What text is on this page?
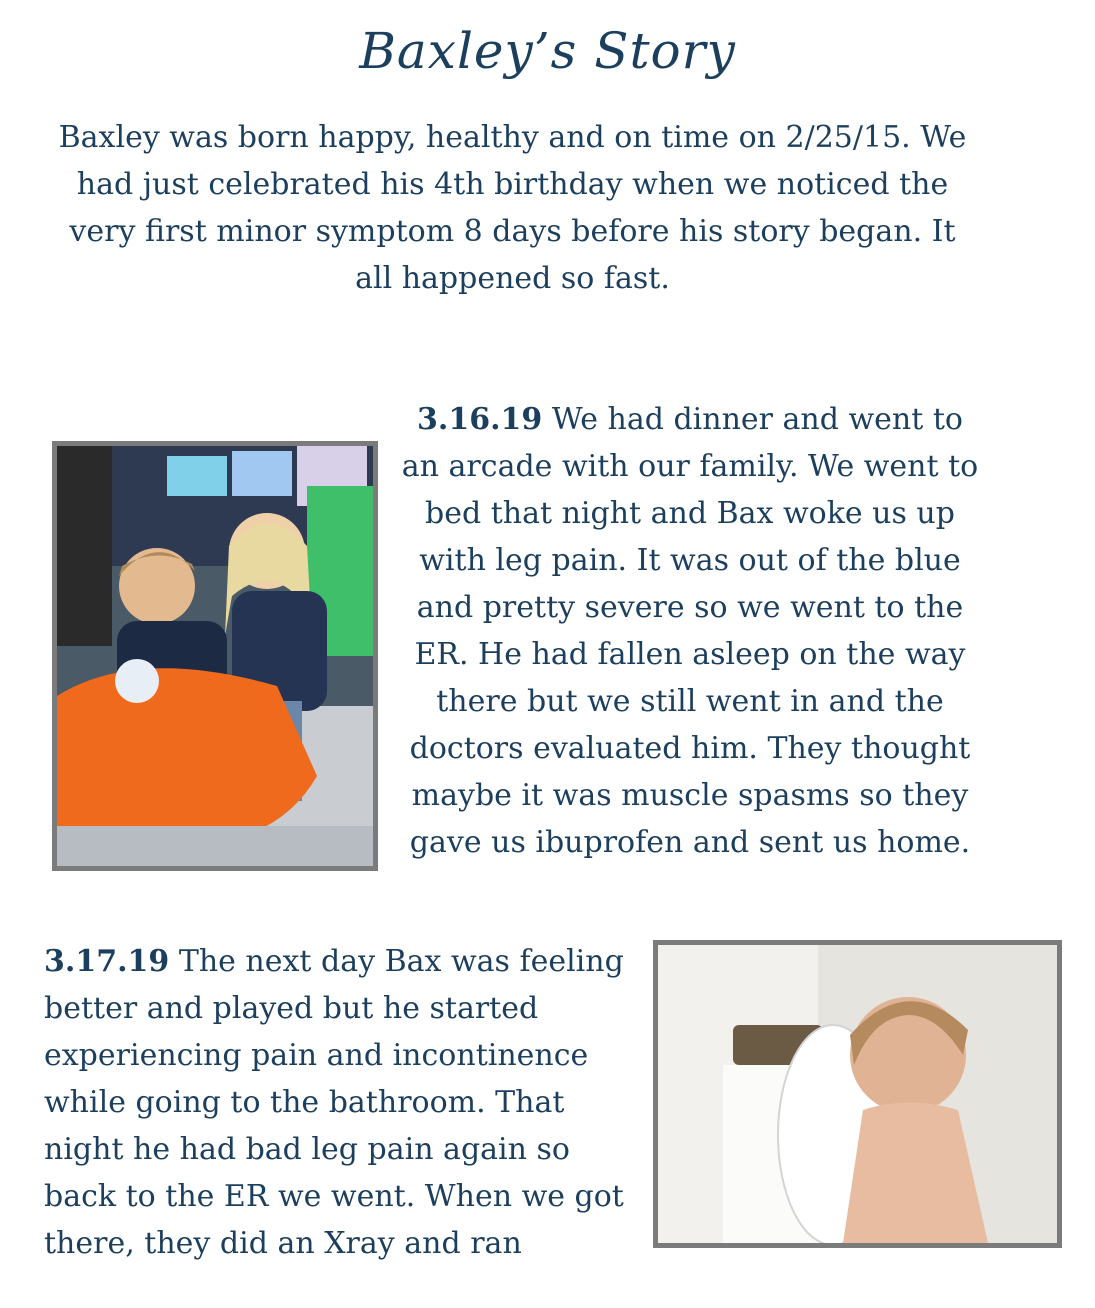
Baxley’s Story
Baxley was born happy, healthy and on time on 2/25/15. We had just celebrated his 4th birthday when we noticed the very first minor symptom 8 days before his story began. It all happened so fast.
3.16.19 We had dinner and went to an arcade with our family. We went to bed that night and Bax woke us up with leg pain. It was out of the blue and pretty severe so we went to the ER. He had fallen asleep on the way there but we still went in and the doctors evaluated him. They thought maybe it was muscle spasms so they gave us ibuprofen and sent us home.
3.17.19 The next day Bax was feeling better and played but he started experiencing pain and incontinence while going to the bathroom. That night he had bad leg pain again so back to the ER we went. When we got there, they did an Xray and ran
